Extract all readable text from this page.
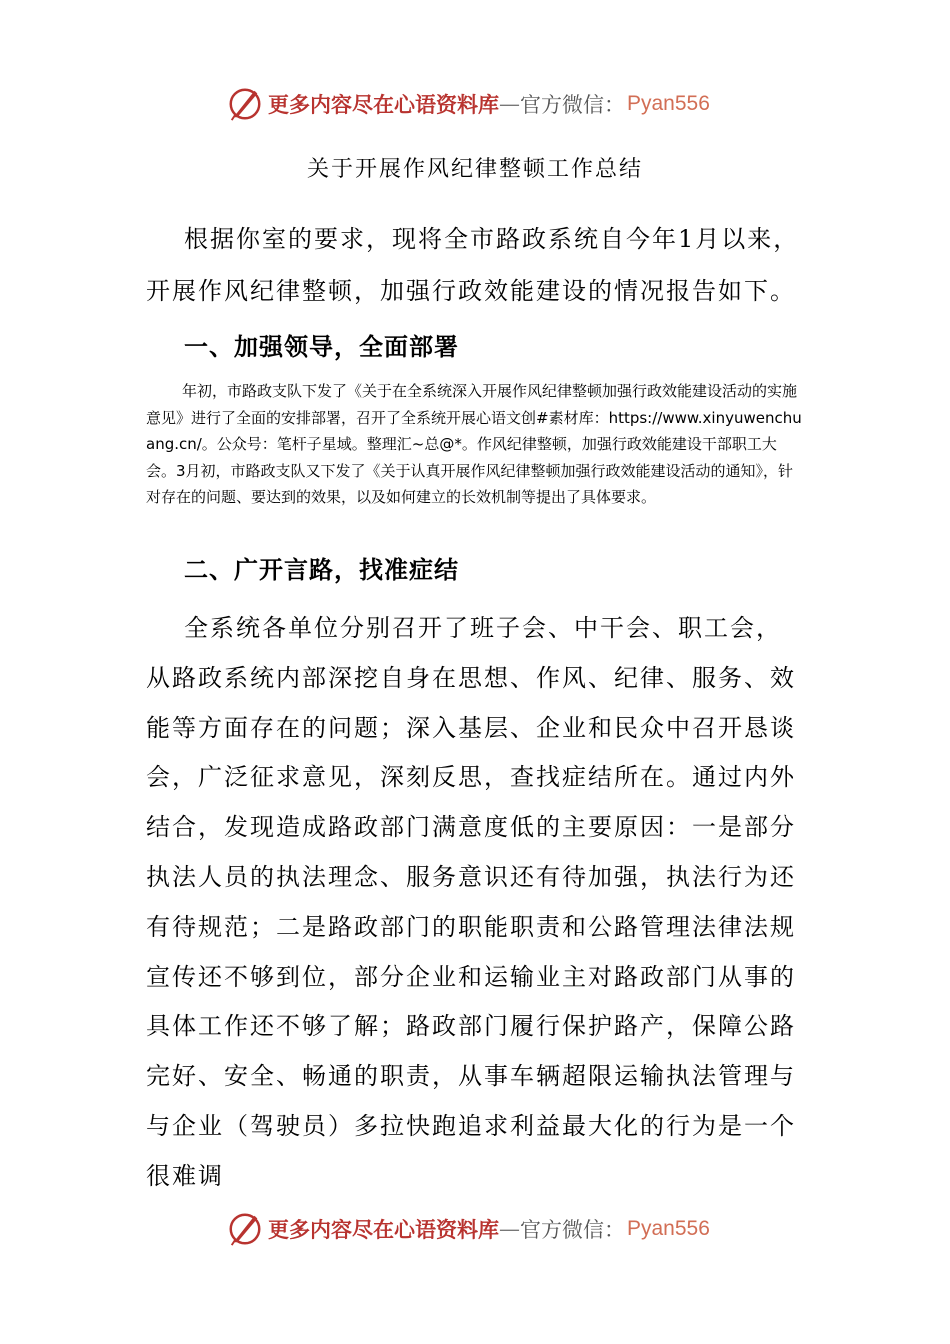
更多内容尽在心语资料库 — 官方微信： Pyan556
关于开展作风纪律整顿工作总结

根据你室的要求，现将全市路政系统自今年1月以来，开展作风纪律整顿，加强行政效能建设的情况报告如下。

一、加强领导，全面部署

年初，市路政支队下发了《关于在全系统深入开展作风纪律整顿加强行政效能建设活动的实施意见》进行了全面的安排部署，召开了全系统开展心语文创#素材库：https://www.xinyuwenchuang.cn/。公众号：笔杆子星域。整理汇~总@*。作风纪律整顿，加强行政效能建设干部职工大会。3月初，市路政支队又下发了《关于认真开展作风纪律整顿加强行政效能建设活动的通知》，针对存在的问题、要达到的效果，以及如何建立的长效机制等提出了具体要求。

二、广开言路，找准症结

全系统各单位分别召开了班子会、中干会、职工会，从路政系统内部深挖自身在思想、作风、纪律、服务、效能等方面存在的问题；深入基层、企业和民众中召开恳谈会，广泛征求意见，深刻反思，查找症结所在。通过内外结合，发现造成路政部门满意度低的主要原因：一是部分执法人员的执法理念、服务意识还有待加强，执法行为还有待规范；二是路政部门的职能职责和公路管理法律法规宣传还不够到位，部分企业和运输业主对路政部门从事的具体工作还不够了解；路政部门履行保护路产，保障公路完好、安全、畅通的职责，从事车辆超限运输执法管理与与企业（驾驶员）多拉快跑追求利益最大化的行为是一个很难调

更多内容尽在心语资料库 — 官方微信： Pyan556
